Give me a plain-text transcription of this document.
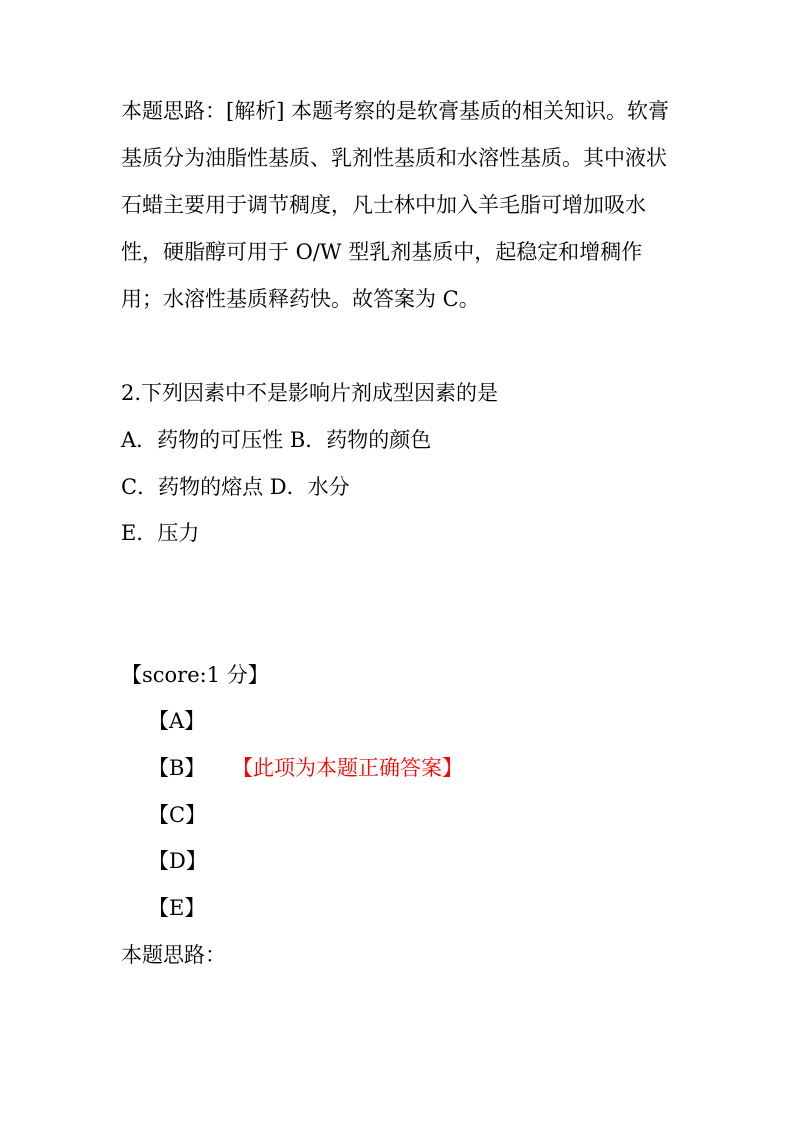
本题思路：[解析] 本题考察的是软膏基质的相关知识。软膏基质分为油脂性基质、乳剂性基质和水溶性基质。其中液状石蜡主要用于调节稠度，凡士林中加入羊毛脂可增加吸水性，硬脂醇可用于 O/W 型乳剂基质中，起稳定和增稠作用；水溶性基质释药快。故答案为 C。

2.下列因素中不是影响片剂成型因素的是

A．药物的可压性 B．药物的颜色

C．药物的熔点 D．水分

E．压力

【score:1 分】

【A】
【B】 【此项为本题正确答案】
【C】
【D】
【E】

本题思路：
